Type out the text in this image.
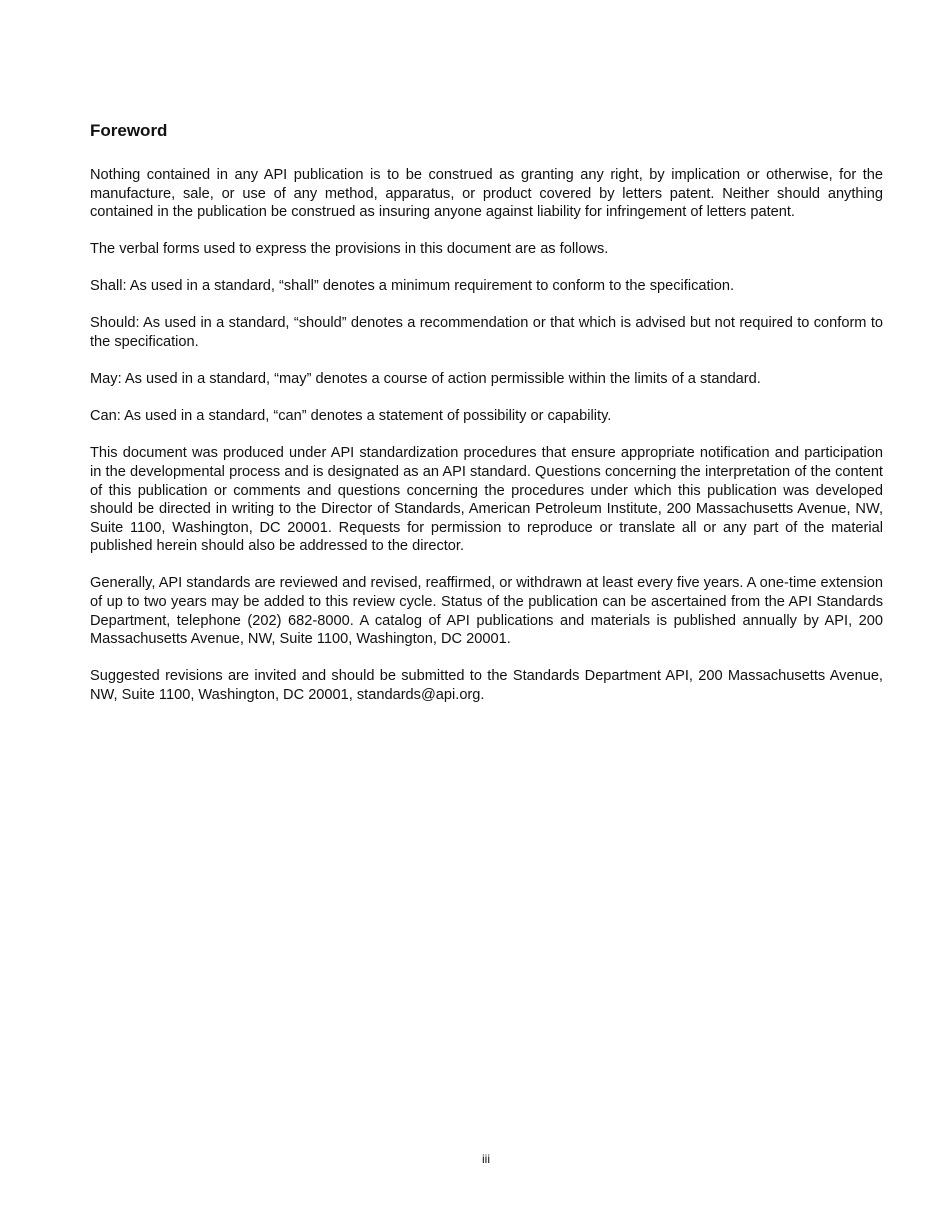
Foreword

Nothing contained in any API publication is to be construed as granting any right, by implication or otherwise, for the manufacture, sale, or use of any method, apparatus, or product covered by letters patent. Neither should anything contained in the publication be construed as insuring anyone against liability for infringement of letters patent.

The verbal forms used to express the provisions in this document are as follows.

Shall: As used in a standard, “shall” denotes a minimum requirement to conform to the specification.

Should: As used in a standard, “should” denotes a recommendation or that which is advised but not required to conform to the specification.

May: As used in a standard, “may” denotes a course of action permissible within the limits of a standard.

Can: As used in a standard, “can” denotes a statement of possibility or capability.

This document was produced under API standardization procedures that ensure appropriate notification and participation in the developmental process and is designated as an API standard. Questions concerning the interpretation of the content of this publication or comments and questions concerning the procedures under which this publication was developed should be directed in writing to the Director of Standards, American Petroleum Institute, 200 Massachusetts Avenue, NW, Suite 1100, Washington, DC 20001. Requests for permission to reproduce or translate all or any part of the material published herein should also be addressed to the director.

Generally, API standards are reviewed and revised, reaffirmed, or withdrawn at least every five years. A one-time extension of up to two years may be added to this review cycle. Status of the publication can be ascertained from the API Standards Department, telephone (202) 682-8000. A catalog of API publications and materials is published annually by API, 200 Massachusetts Avenue, NW, Suite 1100, Washington, DC 20001.

Suggested revisions are invited and should be submitted to the Standards Department API, 200 Massachusetts Avenue, NW, Suite 1100, Washington, DC 20001, standards@api.org.

iii
